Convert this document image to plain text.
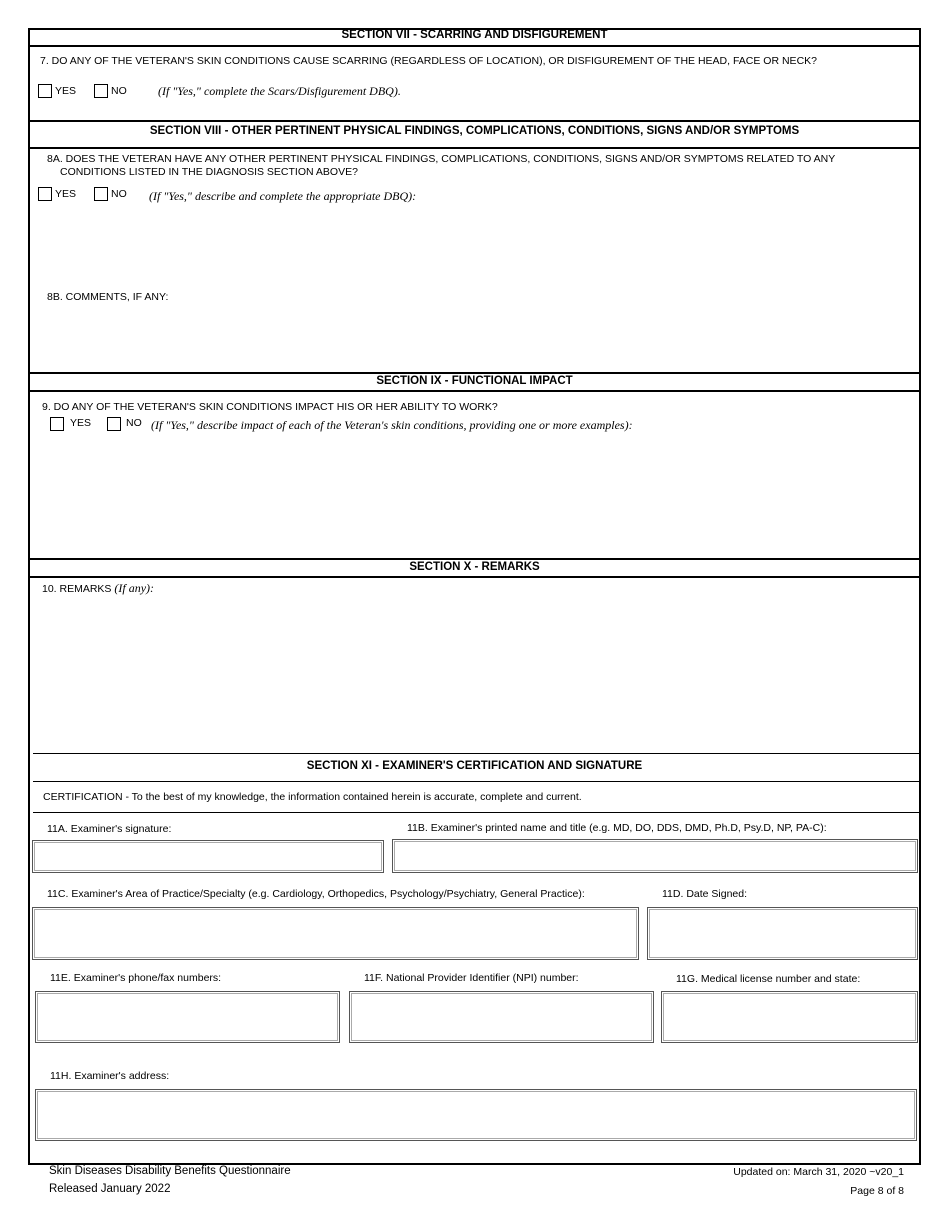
SECTION VII - SCARRING AND DISFIGUREMENT
7. DO ANY OF THE VETERAN'S SKIN CONDITIONS CAUSE SCARRING (REGARDLESS OF LOCATION), OR DISFIGUREMENT OF THE HEAD, FACE OR NECK?
YES	NO	(If "Yes," complete the Scars/Disfigurement DBQ).
SECTION VIII - OTHER PERTINENT PHYSICAL FINDINGS, COMPLICATIONS, CONDITIONS, SIGNS AND/OR SYMPTOMS
8A. DOES THE VETERAN HAVE ANY OTHER PERTINENT PHYSICAL FINDINGS, COMPLICATIONS, CONDITIONS, SIGNS AND/OR SYMPTOMS RELATED TO ANY
CONDITIONS LISTED IN THE DIAGNOSIS SECTION ABOVE?
YES	NO (If "Yes," describe and complete the appropriate DBQ):
8B. COMMENTS, IF ANY:
SECTION IX - FUNCTIONAL IMPACT
9. DO ANY OF THE VETERAN'S SKIN CONDITIONS IMPACT HIS OR HER ABILITY TO WORK?
YES	NO (If "Yes," describe impact of each of the Veteran's skin conditions, providing one or more examples):
SECTION X - REMARKS
10. REMARKS (If any):
SECTION XI - EXAMINER'S CERTIFICATION AND SIGNATURE
CERTIFICATION - To the best of my knowledge, the information contained herein is accurate, complete and current.
11A. Examiner's signature:	11B. Examiner's printed name and title (e.g. MD, DO, DDS, DMD, Ph.D, Psy.D, NP, PA-C):
11C. Examiner's Area of Practice/Specialty (e.g. Cardiology, Orthopedics, Psychology/Psychiatry, General Practice):	11D. Date Signed:
11E. Examiner's phone/fax numbers:	11F. National Provider Identifier (NPI) number:	11G. Medical license number and state:
11H. Examiner's address:
Skin Diseases Disability Benefits Questionnaire
Released January 2022
Updated on: March 31, 2020 ~v20_1
Page 8 of 8
